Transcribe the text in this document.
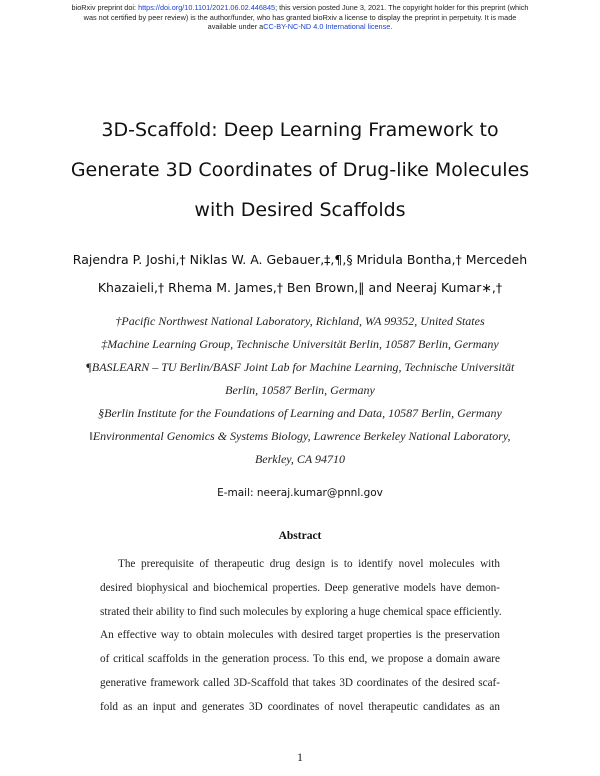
bioRxiv preprint doi: https://doi.org/10.1101/2021.06.02.446845; this version posted June 3, 2021. The copyright holder for this preprint (which
was not certified by peer review) is the author/funder, who has granted bioRxiv a license to display the preprint in perpetuity. It is made
available under aCC-BY-NC-ND 4.0 International license.
3D-Scaffold: Deep Learning Framework to
Generate 3D Coordinates of Drug-like Molecules
with Desired Scaffolds
Rajendra P. Joshi,† Niklas W. A. Gebauer,‡,¶,§ Mridula Bontha,† Mercedeh
Khazaieli,† Rhema M. James,† Ben Brown,‖ and Neeraj Kumar∗,†
†Pacific Northwest National Laboratory, Richland, WA 99352, United States
‡Machine Learning Group, Technische Universität Berlin, 10587 Berlin, Germany
¶BASLEARN – TU Berlin/BASF Joint Lab for Machine Learning, Technische Universität
Berlin, 10587 Berlin, Germany
§Berlin Institute for the Foundations of Learning and Data, 10587 Berlin, Germany
‖Environmental Genomics & Systems Biology, Lawrence Berkeley National Laboratory,
Berkley, CA 94710
E-mail: neeraj.kumar@pnnl.gov
Abstract
The prerequisite of therapeutic drug design is to identify novel molecules with
desired biophysical and biochemical properties. Deep generative models have demon-
strated their ability to find such molecules by exploring a huge chemical space efficiently.
An effective way to obtain molecules with desired target properties is the preservation
of critical scaffolds in the generation process. To this end, we propose a domain aware
generative framework called 3D-Scaffold that takes 3D coordinates of the desired scaf-
fold as an input and generates 3D coordinates of novel therapeutic candidates as an
1
